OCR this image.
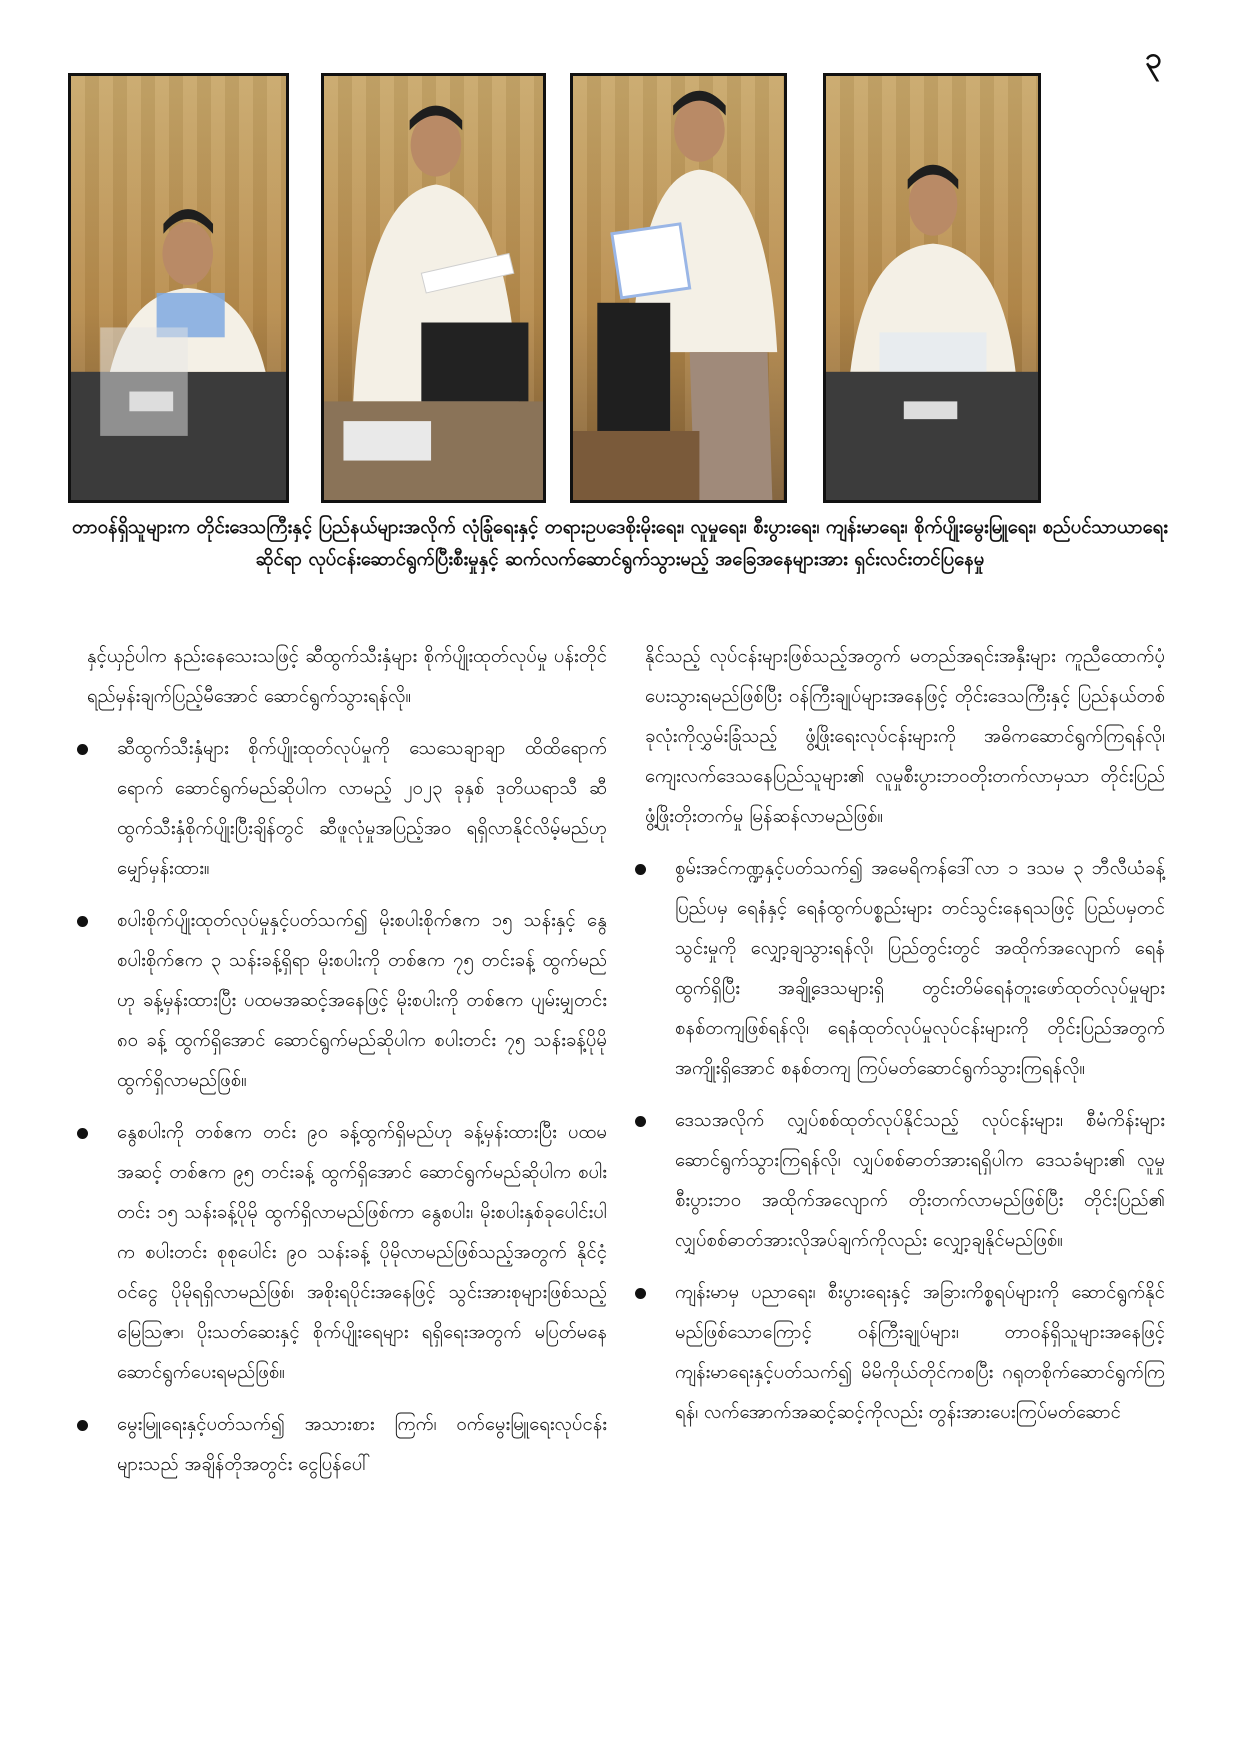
၃
တာဝန်ရှိသူများက တိုင်းဒေသကြီးနှင့် ပြည်နယ်များအလိုက် လုံခြုံရေးနှင့် တရားဥပဒေစိုးမိုးရေး၊ လူမှုရေး၊ စီးပွားရေး၊ ကျန်းမာရေး၊ စိုက်ပျိုးမွေးမြူရေး၊ စည်ပင်သာယာရေးဆိုင်ရာ လုပ်ငန်းဆောင်ရွက်ပြီးစီးမှုနှင့် ဆက်လက်ဆောင်ရွက်သွားမည့် အခြေအနေများအား ရှင်းလင်းတင်ပြနေမှု

နှင့်ယှဉ်ပါက နည်းနေသေးသဖြင့် ဆီထွက်သီးနှံများ စိုက်ပျိုးထုတ်လုပ်မှု ပန်းတိုင်ရည်မှန်းချက်ပြည့်မီအောင် ဆောင်ရွက်သွားရန်လို။

ဆီထွက်သီးနှံများ စိုက်ပျိုးထုတ်လုပ်မှုကို သေသေချာချာ ထိထိရောက်ရောက် ဆောင်ရွက်မည်ဆိုပါက လာမည့် ၂၀၂၃ ခုနှစ် ဒုတိယရာသီ ဆီထွက်သီးနှံစိုက်ပျိုးပြီးချိန်တွင် ဆီဖူလုံမှုအပြည့်အဝ ရရှိလာနိုင်လိမ့်မည်ဟု မျှော်မှန်းထား။
စပါးစိုက်ပျိုးထုတ်လုပ်မှုနှင့်ပတ်သက်၍ မိုးစပါးစိုက်ဧက ၁၅ သန်းနှင့် နွေစပါးစိုက်ဧက ၃ သန်းခန့်ရှိရာ မိုးစပါးကို တစ်ဧက ၇၅ တင်းခန့် ထွက်မည်ဟု ခန့်မှန်းထားပြီး ပထမအဆင့်အနေဖြင့် မိုးစပါးကို တစ်ဧက ပျမ်းမျှတင်း ၈၀ ခန့် ထွက်ရှိအောင် ဆောင်ရွက်မည်ဆိုပါက စပါးတင်း ၇၅ သန်းခန့်ပိုမိုထွက်ရှိလာမည်ဖြစ်။
နွေစပါးကို တစ်ဧက တင်း ၉၀ ခန့်ထွက်ရှိမည်ဟု ခန့်မှန်းထားပြီး ပထမအဆင့် တစ်ဧက ၉၅ တင်းခန့် ထွက်ရှိအောင် ဆောင်ရွက်မည်ဆိုပါက စပါးတင်း ၁၅ သန်းခန့်ပိုမို ထွက်ရှိလာမည်ဖြစ်ကာ နွေစပါး၊ မိုးစပါးနှစ်ခုပေါင်းပါက စပါးတင်း စုစုပေါင်း ၉၀ သန်းခန့် ပိုမိုလာမည်ဖြစ်သည့်အတွက် နိုင်ငံ့ဝင်ငွေ ပိုမိုရရှိလာမည်ဖြစ်၊ အစိုးရပိုင်းအနေဖြင့် သွင်းအားစုများဖြစ်သည့် မြေဩဇာ၊ ပိုးသတ်ဆေးနှင့် စိုက်ပျိုးရေများ ရရှိရေးအတွက် မပြတ်မနေဆောင်ရွက်ပေးရမည်ဖြစ်။
မွေးမြူရေးနှင့်ပတ်သက်၍ အသားစား ကြက်၊ ဝက်မွေးမြူရေးလုပ်ငန်းများသည် အချိန်တိုအတွင်း ငွေပြန်ပေါ်

နိုင်သည့် လုပ်ငန်းများဖြစ်သည့်အတွက် မတည်အရင်းအနှီးများ ကူညီထောက်ပံ့ပေးသွားရမည်ဖြစ်ပြီး ဝန်ကြီးချုပ်များအနေဖြင့် တိုင်းဒေသကြီးနှင့် ပြည်နယ်တစ်ခုလုံးကိုလွှမ်းခြုံသည့် ဖွံ့ဖြိုးရေးလုပ်ငန်းများကို အဓိကဆောင်ရွက်ကြရန်လို၊ ကျေးလက်ဒေသနေပြည်သူများ၏ လူမှုစီးပွားဘဝတိုးတက်လာမှသာ တိုင်းပြည်ဖွံ့ဖြိုးတိုးတက်မှု မြန်ဆန်လာမည်ဖြစ်။

စွမ်းအင်ကဏ္ဍနှင့်ပတ်သက်၍ အမေရိကန်ဒေါ်လာ ၁ ဒသမ ၃ ဘီလီယံခန့် ပြည်ပမှ ရေနံနှင့် ရေနံထွက်ပစ္စည်းများ တင်သွင်းနေရသဖြင့် ပြည်ပမှတင်သွင်းမှုကို လျှော့ချသွားရန်လို၊ ပြည်တွင်းတွင် အထိုက်အလျောက် ရေနံထွက်ရှိပြီး အချို့ဒေသများရှိ တွင်းတိမ်ရေနံတူးဖော်ထုတ်လုပ်မှုများ စနစ်တကျဖြစ်ရန်လို၊ ရေနံထုတ်လုပ်မှုလုပ်ငန်းများကို တိုင်းပြည်အတွက် အကျိုးရှိအောင် စနစ်တကျ ကြပ်မတ်ဆောင်ရွက်သွားကြရန်လို။
ဒေသအလိုက် လျှပ်စစ်ထုတ်လုပ်နိုင်သည့် လုပ်ငန်းများ၊ စီမံကိန်းများဆောင်ရွက်သွားကြရန်လို၊ လျှပ်စစ်ဓာတ်အားရရှိပါက ဒေသခံများ၏ လူမှုစီးပွားဘဝ အထိုက်အလျောက် တိုးတက်လာမည်ဖြစ်ပြီး တိုင်းပြည်၏ လျှပ်စစ်ဓာတ်အားလိုအပ်ချက်ကိုလည်း လျှော့ချနိုင်မည်ဖြစ်။
ကျန်းမာမှ ပညာရေး၊ စီးပွားရေးနှင့် အခြားကိစ္စရပ်များကို ဆောင်ရွက်နိုင်မည်ဖြစ်သောကြောင့် ဝန်ကြီးချုပ်များ၊ တာဝန်ရှိသူများအနေဖြင့် ကျန်းမာရေးနှင့်ပတ်သက်၍ မိမိကိုယ်တိုင်ကစပြီး ဂရုတစိုက်ဆောင်ရွက်ကြရန်၊ လက်အောက်အဆင့်ဆင့်ကိုလည်း တွန်းအားပေးကြပ်မတ်ဆောင်
